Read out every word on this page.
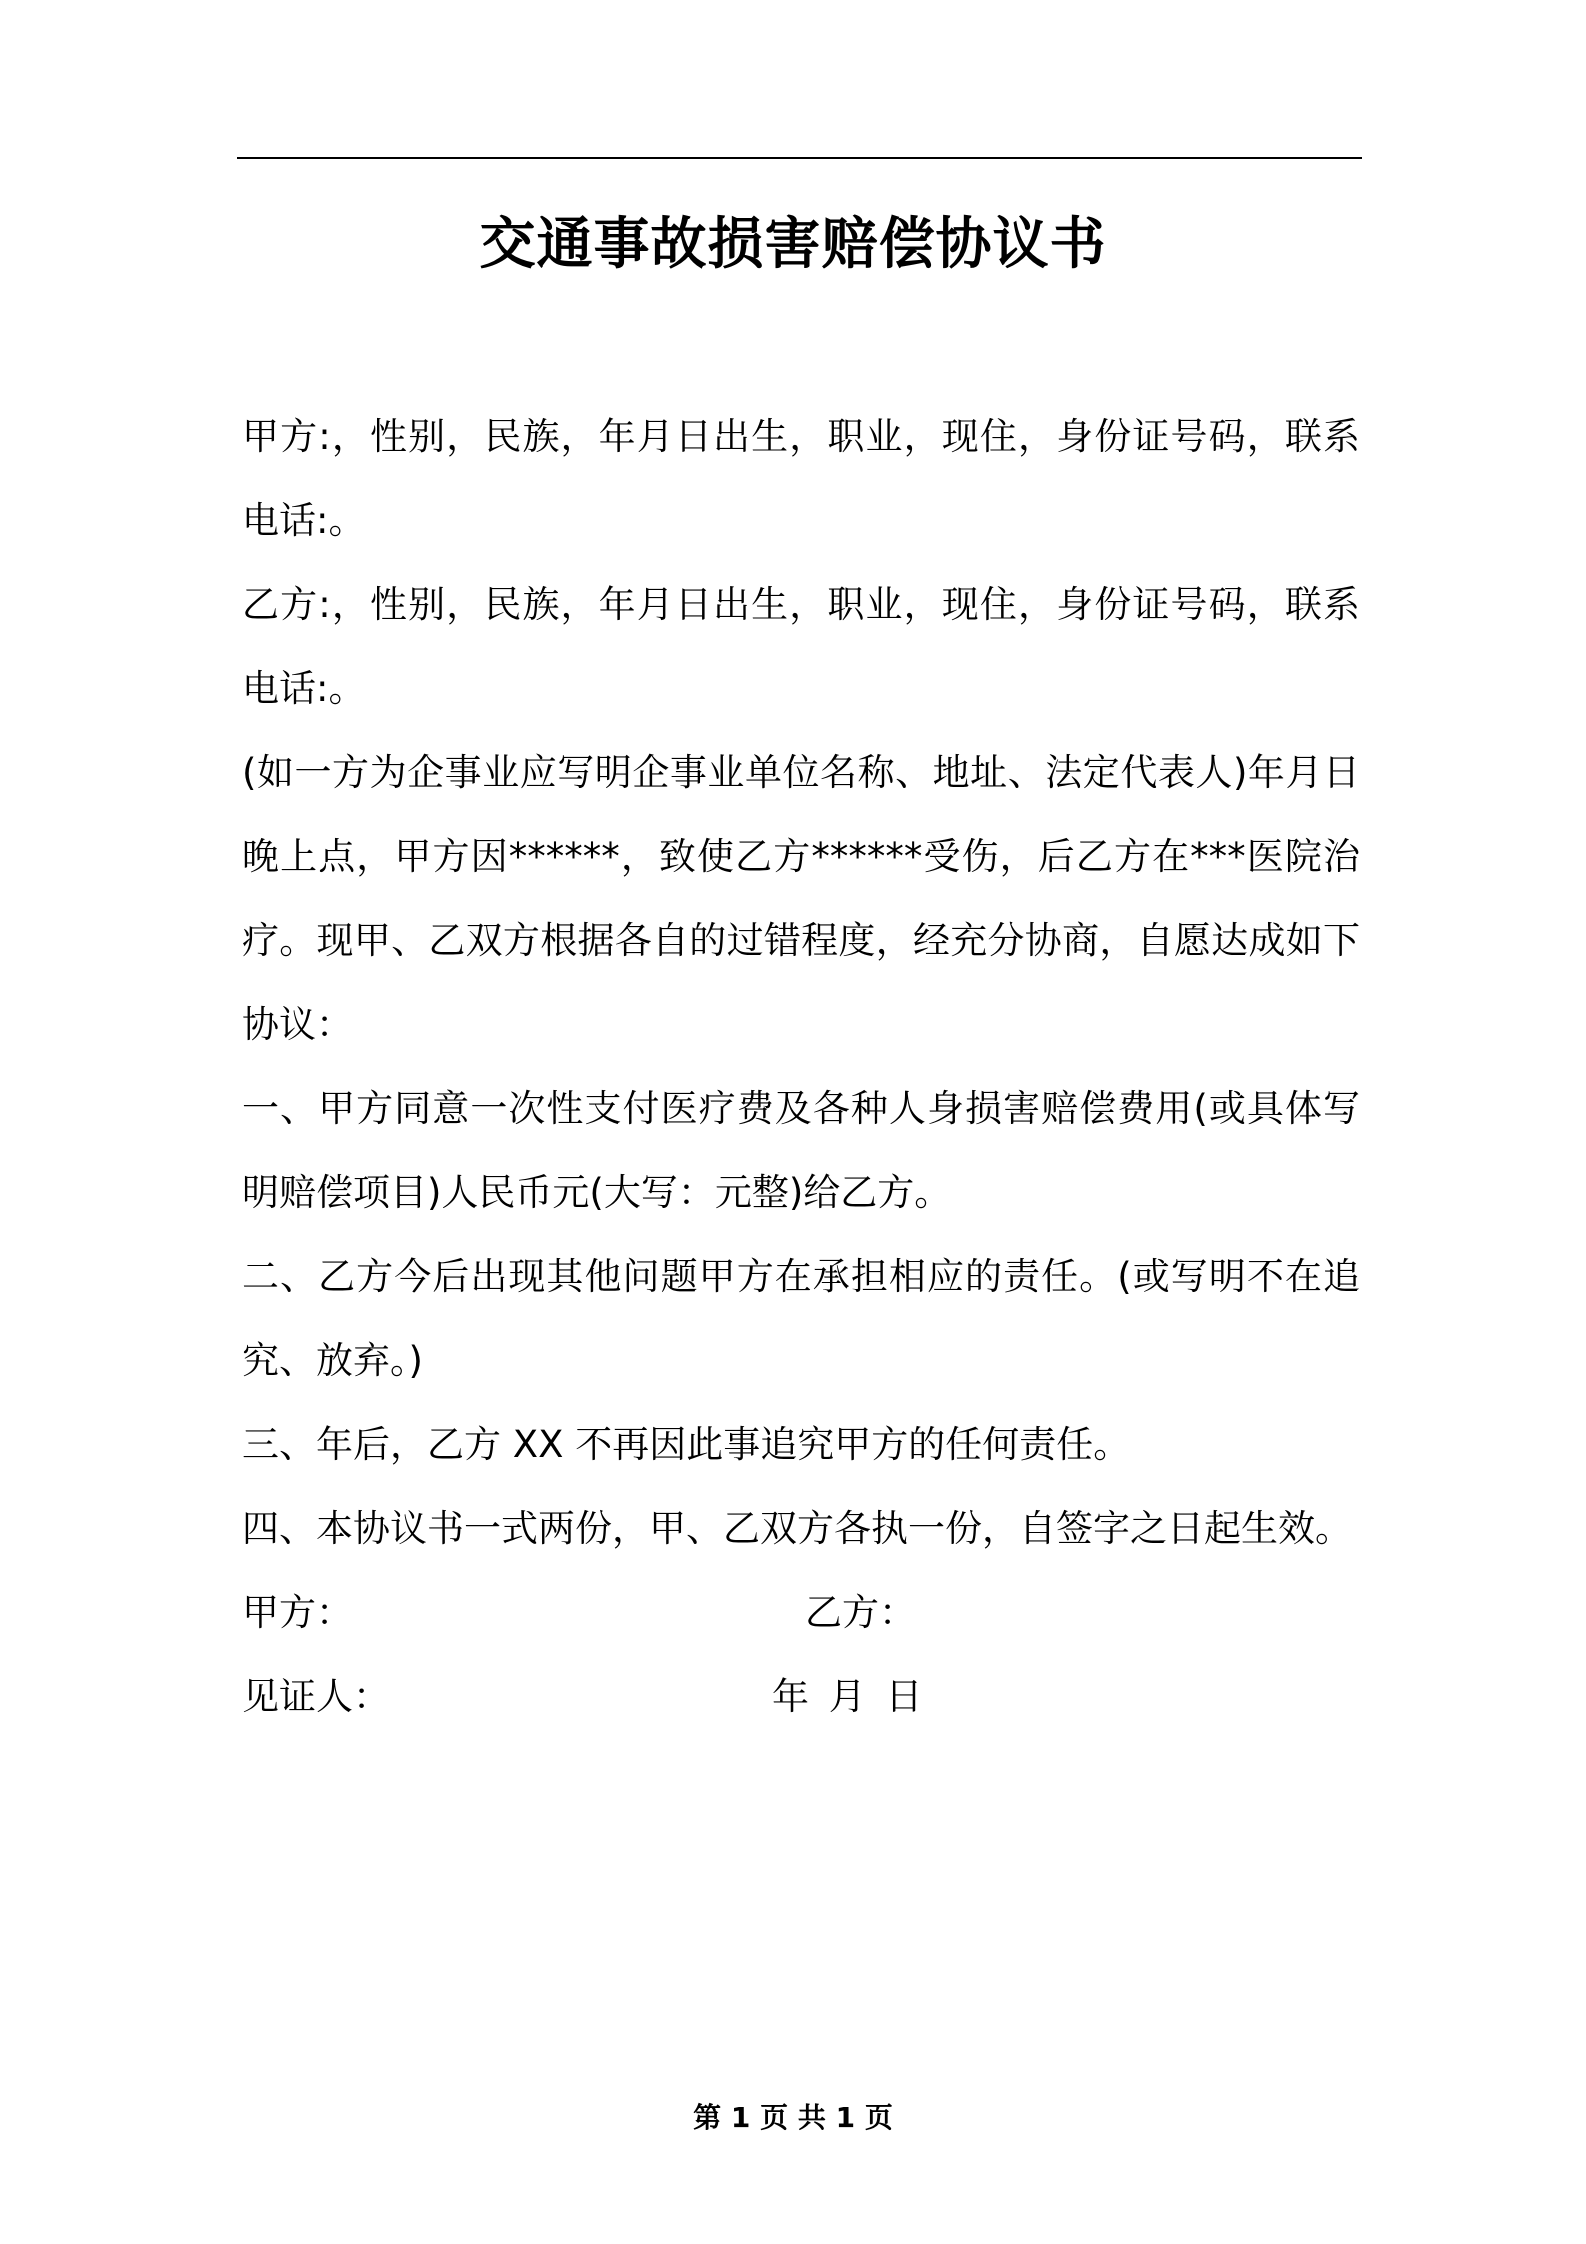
交通事故损害赔偿协议书

甲方:，性别，民族，年月日出生，职业，现住，身份证号码，联系电话:。

乙方:，性别，民族，年月日出生，职业，现住，身份证号码，联系电话:。

(如一方为企事业应写明企事业单位名称、地址、法定代表人)年月日晚上点，甲方因******，致使乙方******受伤，后乙方在***医院治疗。现甲、乙双方根据各自的过错程度，经充分协商，自愿达成如下协议：

一、甲方同意一次性支付医疗费及各种人身损害赔偿费用(或具体写明赔偿项目)人民币元(大写：元整)给乙方。

二、乙方今后出现其他问题甲方在承担相应的责任。(或写明不在追究、放弃。)

三、年后，乙方 XX 不再因此事追究甲方的任何责任。

四、本协议书一式两份，甲、乙双方各执一份，自签字之日起生效。

甲方：	乙方：
见证人：	年 月 日
第 1 页 共 1 页
